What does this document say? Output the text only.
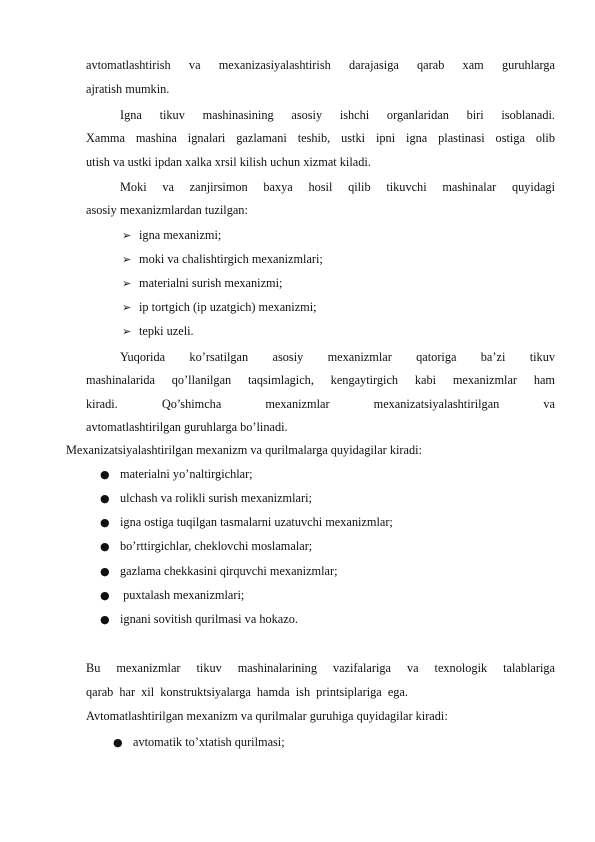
avtomatlashtirish va mexanizasiyalashtirish darajasiga qarab xam guruhlarga
ajratish mumkin.
Igna tikuv mashinasining asosiy ishchi organlaridan biri isoblanadi.
Xamma mashina ignalari gazlamani teshib, ustki ipni igna plastinasi ostiga olib
utish va ustki ipdan xalka xrsil kilish uchun xizmat kiladi.
Moki va zanjirsimon baxya hosil qilib tikuvchi mashinalar quyidagi
asosiy mexanizmlardan tuzilgan:
➢ igna mexanizmi;
➢ moki va chalishtirgich mexanizmlari;
➢ materialni surish mexanizmi;
➢ ip tortgich (ip uzatgich) mexanizmi;
➢ tepki uzeli.
Yuqorida ko’rsatilgan asosiy mexanizmlar qatoriga ba’zi tikuv
mashinalarida qo’llanilgan taqsimlagich, kengaytirgich kabi mexanizmlar ham
kiradi. Qo’shimcha mexanizmlar mexanizatsiyalashtirilgan va
avtomatlashtirilgan guruhlarga bo’linadi.
Mexanizatsiyalashtirilgan mexanizm va qurilmalarga quyidagilar kiradi:
● materialni yo’naltirgichlar;
● ulchash va rolikli surish mexanizmlari;
● igna ostiga tuqilgan tasmalarni uzatuvchi mexanizmlar;
● bo’rttirgichlar, cheklovchi moslamalar;
● gazlama chekkasini qirquvchi mexanizmlar;
● puxtalash mexanizmlari;
● ignani sovitish qurilmasi va hokazo.
Bu mexanizmlar tikuv mashinalarining vazifalariga va texnologik talablariga
qarab har xil konstruktsiyalarga hamda ish printsiplariga ega.
Avtomatlashtirilgan mexanizm va qurilmalar guruhiga quyidagilar kiradi:
● avtomatik to’xtatish qurilmasi;
